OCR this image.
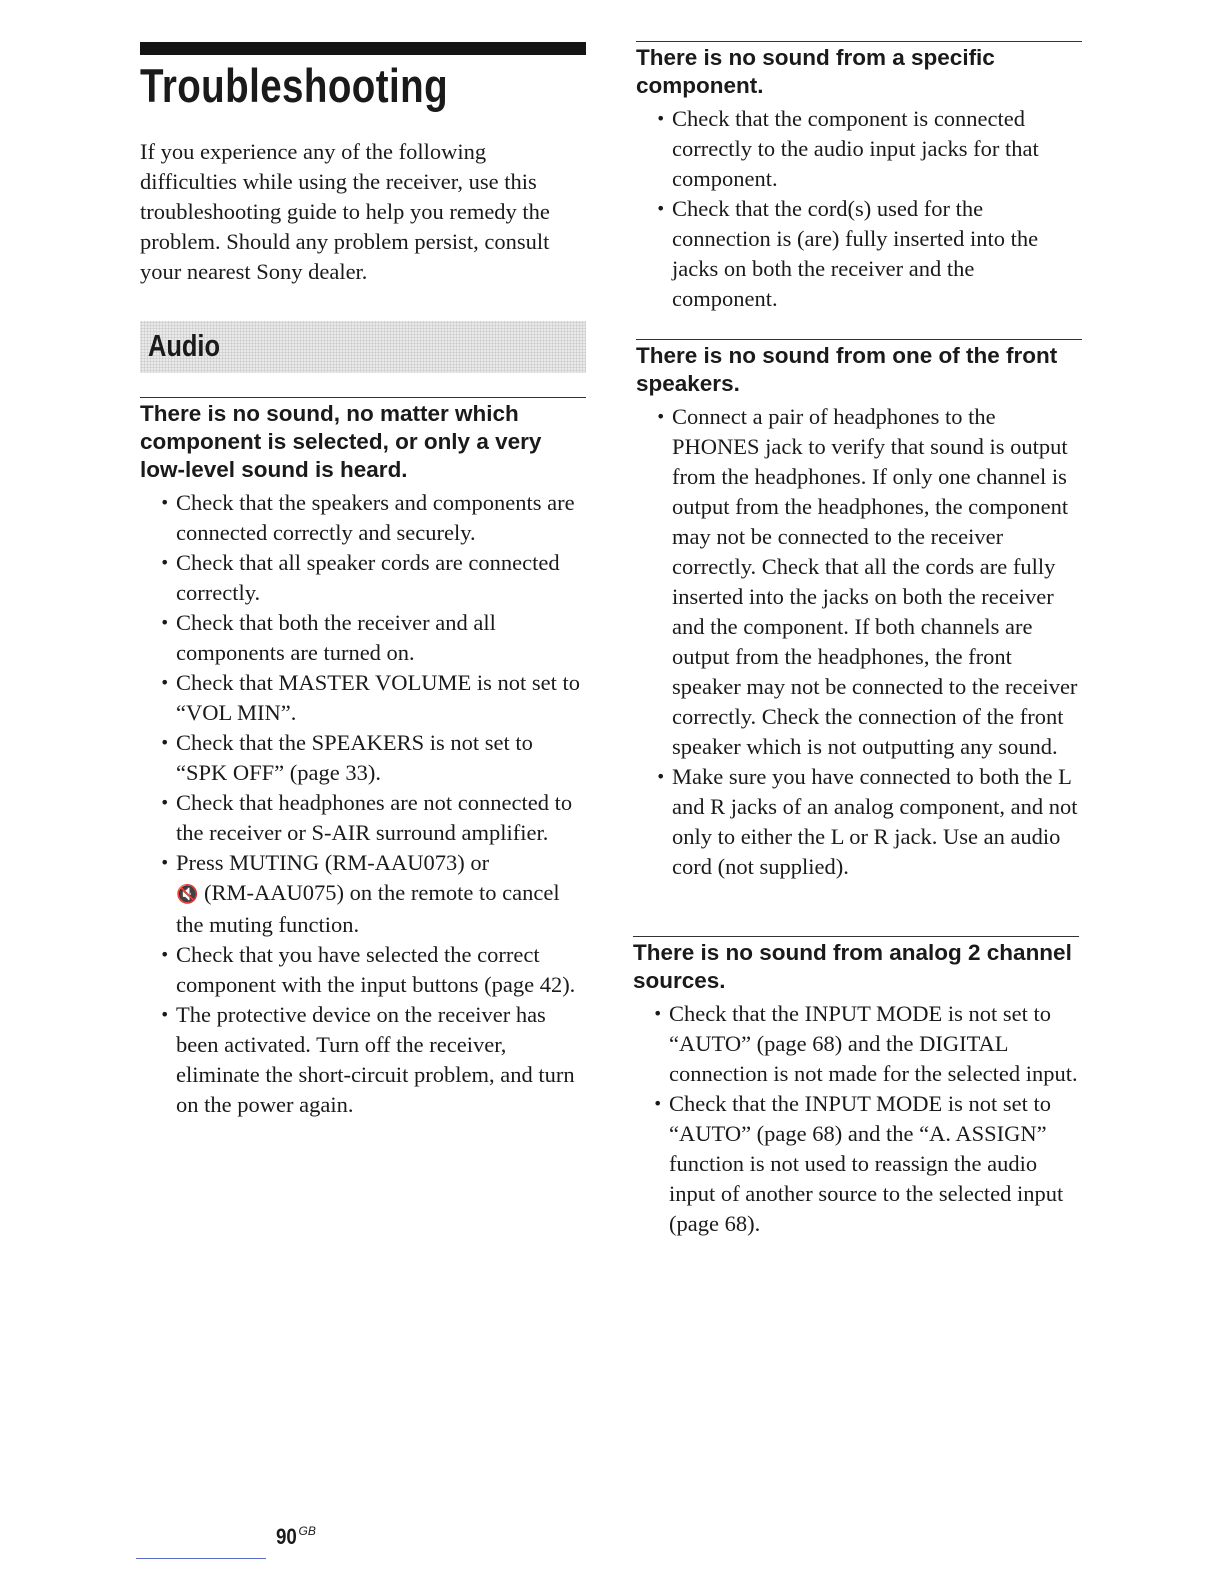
Troubleshooting

If you experience any of the following difficulties while using the receiver, use this troubleshooting guide to help you remedy the problem. Should any problem persist, consult your nearest Sony dealer.

Audio
There is no sound, no matter which component is selected, or only a very low-level sound is heard.
• Check that the speakers and components are connected correctly and securely.
• Check that all speaker cords are connected correctly.
• Check that both the receiver and all components are turned on.
• Check that MASTER VOLUME is not set to “VOL MIN”.
• Check that the SPEAKERS is not set to “SPK OFF” (page 33).
• Check that headphones are not connected to the receiver or S-AIR surround amplifier.
• Press MUTING (RM-AAU073) or
🔇 (RM-AAU075) on the remote to cancel the muting function.
• Check that you have selected the correct component with the input buttons (page 42).
• The protective device on the receiver has been activated. Turn off the receiver, eliminate the short-circuit problem, and turn on the power again.
90 $^{GB}$
There is no sound from a specific component.
• Check that the component is connected correctly to the audio input jacks for that component.
• Check that the cord(s) used for the connection is (are) fully inserted into the jacks on both the receiver and the component.
There is no sound from one of the front speakers.
• Connect a pair of headphones to the PHONES jack to verify that sound is output from the headphones. If only one channel is output from the headphones, the component may not be connected to the receiver correctly. Check that all the cords are fully inserted into the jacks on both the receiver and the component. If both channels are output from the headphones, the front speaker may not be connected to the receiver correctly. Check the connection of the front speaker which is not outputting any sound.
• Make sure you have connected to both the L and R jacks of an analog component, and not only to either the L or R jack. Use an audio cord (not supplied).
There is no sound from analog 2 channel sources.
• Check that the INPUT MODE is not set to “AUTO” (page 68) and the DIGITAL connection is not made for the selected input.
• Check that the INPUT MODE is not set to “AUTO” (page 68) and the “A. ASSIGN” function is not used to reassign the audio input of another source to the selected input (page 68).
